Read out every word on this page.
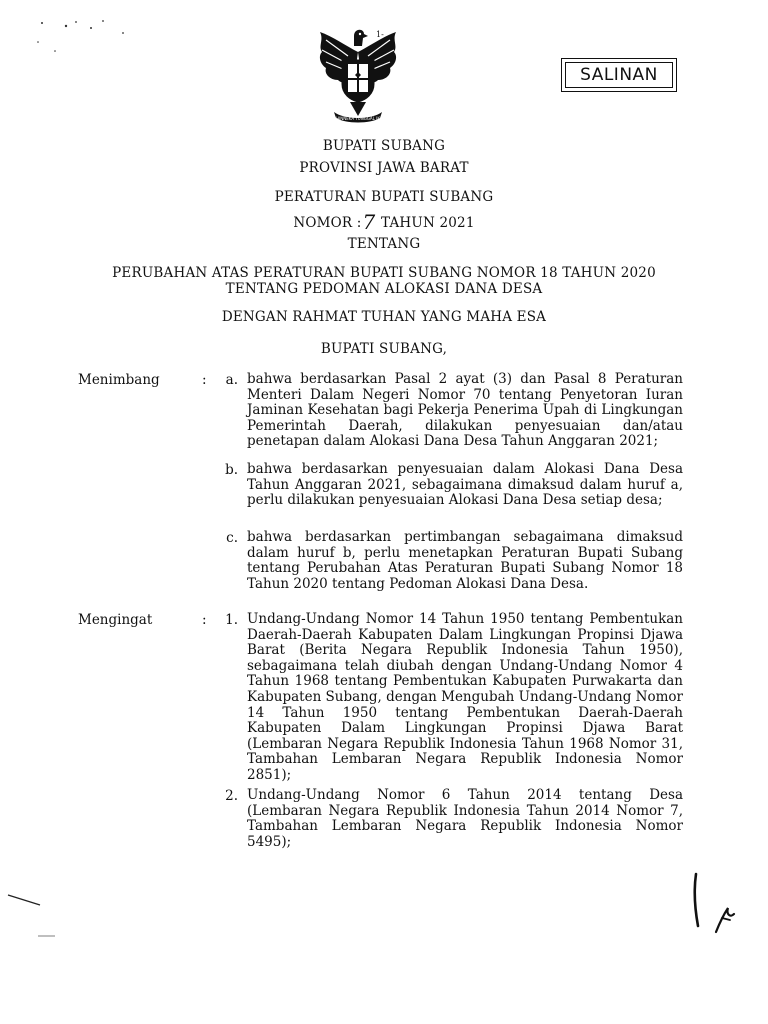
BHINNEKA TUNGGAL IKA
1-
SALINAN
BUPATI SUBANG
PROVINSI JAWA BARAT
PERATURAN BUPATI SUBANG
NOMOR :7 TAHUN 2021
TENTANG
PERUBAHAN ATAS PERATURAN BUPATI SUBANG NOMOR 18 TAHUN 2020
TENTANG PEDOMAN ALOKASI DANA DESA
DENGAN RAHMAT TUHAN YANG MAHA ESA
BUPATI SUBANG,
Menimbang	:	a. bahwa berdasarkan Pasal 2 ayat (3) dan Pasal 8 Peraturan Menteri Dalam Negeri Nomor 70 tentang Penyetoran Iuran Jaminan Kesehatan bagi Pekerja Penerima Upah di Lingkungan Pemerintah Daerah, dilakukan penyesuaian dan/atau penetapan dalam Alokasi Dana Desa Tahun Anggaran 2021;

b. bahwa berdasarkan penyesuaian dalam Alokasi Dana Desa Tahun Anggaran 2021, sebagaimana dimaksud dalam huruf a, perlu dilakukan penyesuaian Alokasi Dana Desa setiap desa;

c. bahwa berdasarkan pertimbangan sebagaimana dimaksud dalam huruf b, perlu menetapkan Peraturan Bupati Subang tentang Perubahan Atas Peraturan Bupati Subang Nomor 18 Tahun 2020 tentang Pedoman Alokasi Dana Desa.

Mengingat	:	1. Undang-Undang Nomor 14 Tahun 1950 tentang Pembentukan Daerah-Daerah Kabupaten Dalam Lingkungan Propinsi Djawa Barat (Berita Negara Republik Indonesia Tahun 1950), sebagaimana telah diubah dengan Undang-Undang Nomor 4 Tahun 1968 tentang Pembentukan Kabupaten Purwakarta dan Kabupaten Subang, dengan Mengubah Undang-Undang Nomor 14 Tahun 1950 tentang Pembentukan Daerah-Daerah Kabupaten Dalam Lingkungan Propinsi Djawa Barat (Lembaran Negara Republik Indonesia Tahun 1968 Nomor 31, Tambahan Lembaran Negara Republik Indonesia Nomor 2851);

2. Undang-Undang Nomor 6 Tahun 2014 tentang Desa (Lembaran Negara Republik Indonesia Tahun 2014 Nomor 7, Tambahan Lembaran Negara Republik Indonesia Nomor 5495);
